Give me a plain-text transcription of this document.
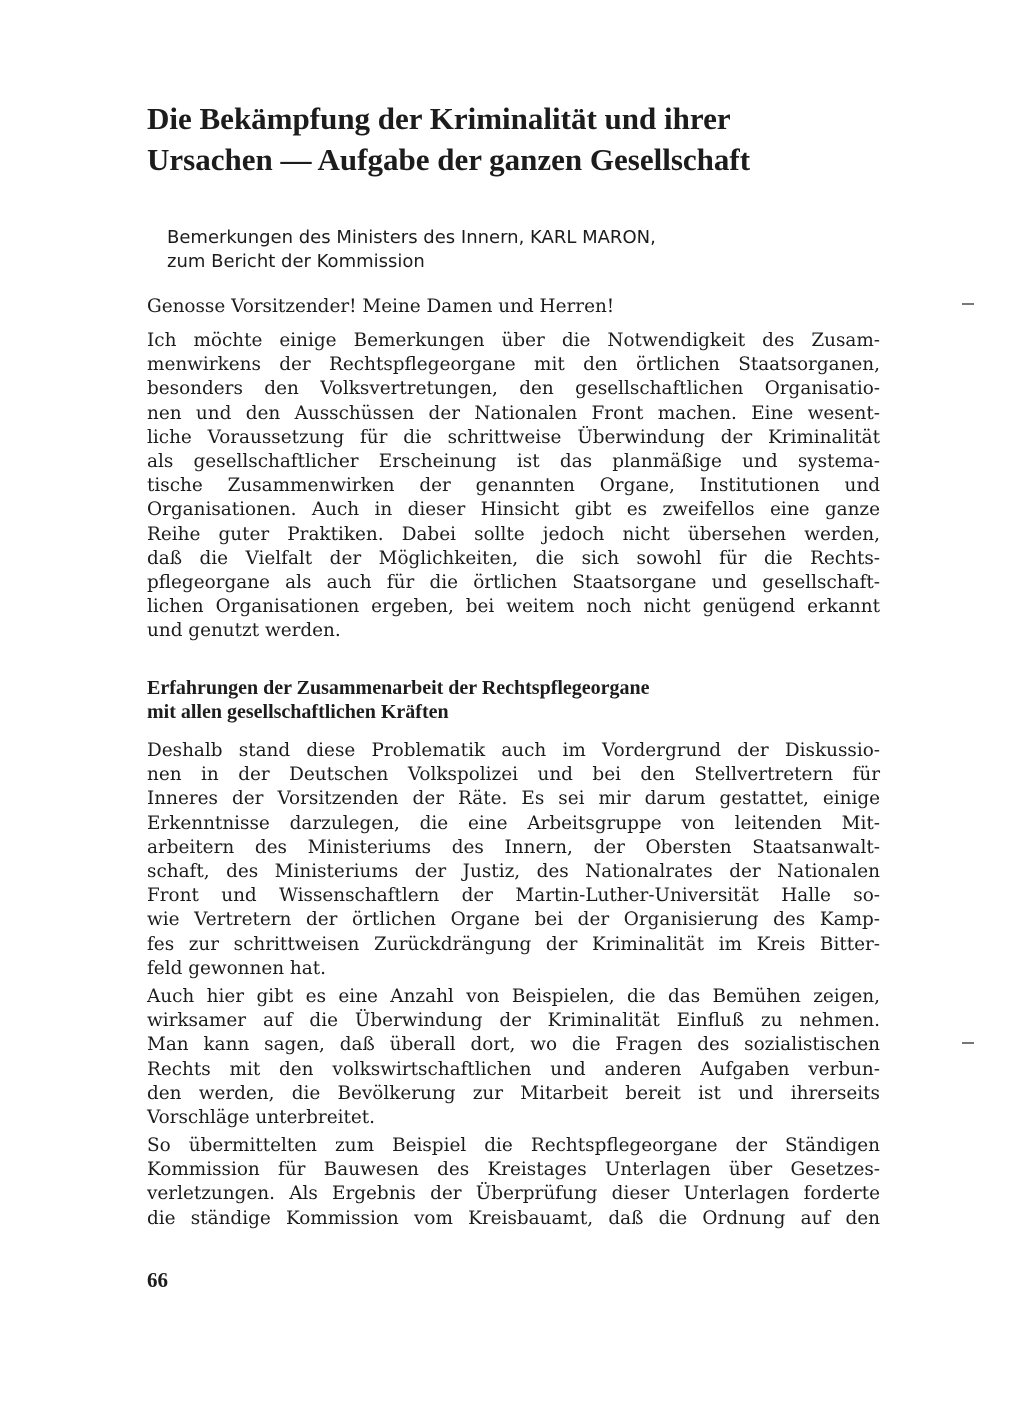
Die Bekämpfung der Kriminalität und ihrer
Ursachen — Aufgabe der ganzen Gesellschaft
Bemerkungen des Ministers des Innern, KARL MARON,
zum Bericht der Kommission
Genosse Vorsitzender! Meine Damen und Herren!
Ich möchte einige Bemerkungen über die Notwendigkeit des Zusam-
menwirkens der Rechtspflegeorgane mit den örtlichen Staatsorganen,
besonders den Volksvertretungen, den gesellschaftlichen Organisatio-
nen und den Ausschüssen der Nationalen Front machen. Eine wesent-
liche Voraussetzung für die schrittweise Überwindung der Kriminalität
als gesellschaftlicher Erscheinung ist das planmäßige und systema-
tische Zusammenwirken der genannten Organe, Institutionen und
Organisationen. Auch in dieser Hinsicht gibt es zweifellos eine ganze
Reihe guter Praktiken. Dabei sollte jedoch nicht übersehen werden,
daß die Vielfalt der Möglichkeiten, die sich sowohl für die Rechts-
pflegeorgane als auch für die örtlichen Staatsorgane und gesellschaft-
lichen Organisationen ergeben, bei weitem noch nicht genügend erkannt
und genutzt werden.
Erfahrungen der Zusammenarbeit der Rechtspflegeorgane
mit allen gesellschaftlichen Kräften
Deshalb stand diese Problematik auch im Vordergrund der Diskussio-
nen in der Deutschen Volkspolizei und bei den Stellvertretern für
Inneres der Vorsitzenden der Räte. Es sei mir darum gestattet, einige
Erkenntnisse darzulegen, die eine Arbeitsgruppe von leitenden Mit-
arbeitern des Ministeriums des Innern, der Obersten Staatsanwalt-
schaft, des Ministeriums der Justiz, des Nationalrates der Nationalen
Front und Wissenschaftlern der Martin-Luther-Universität Halle so-
wie Vertretern der örtlichen Organe bei der Organisierung des Kamp-
fes zur schrittweisen Zurückdrängung der Kriminalität im Kreis Bitter-
feld gewonnen hat.
Auch hier gibt es eine Anzahl von Beispielen, die das Bemühen zeigen,
wirksamer auf die Überwindung der Kriminalität Einfluß zu nehmen.
Man kann sagen, daß überall dort, wo die Fragen des sozialistischen
Rechts mit den volkswirtschaftlichen und anderen Aufgaben verbun-
den werden, die Bevölkerung zur Mitarbeit bereit ist und ihrerseits
Vorschläge unterbreitet.
So übermittelten zum Beispiel die Rechtspflegeorgane der Ständigen
Kommission für Bauwesen des Kreistages Unterlagen über Gesetzes-
verletzungen. Als Ergebnis der Überprüfung dieser Unterlagen forderte
die ständige Kommission vom Kreisbauamt, daß die Ordnung auf den
66
